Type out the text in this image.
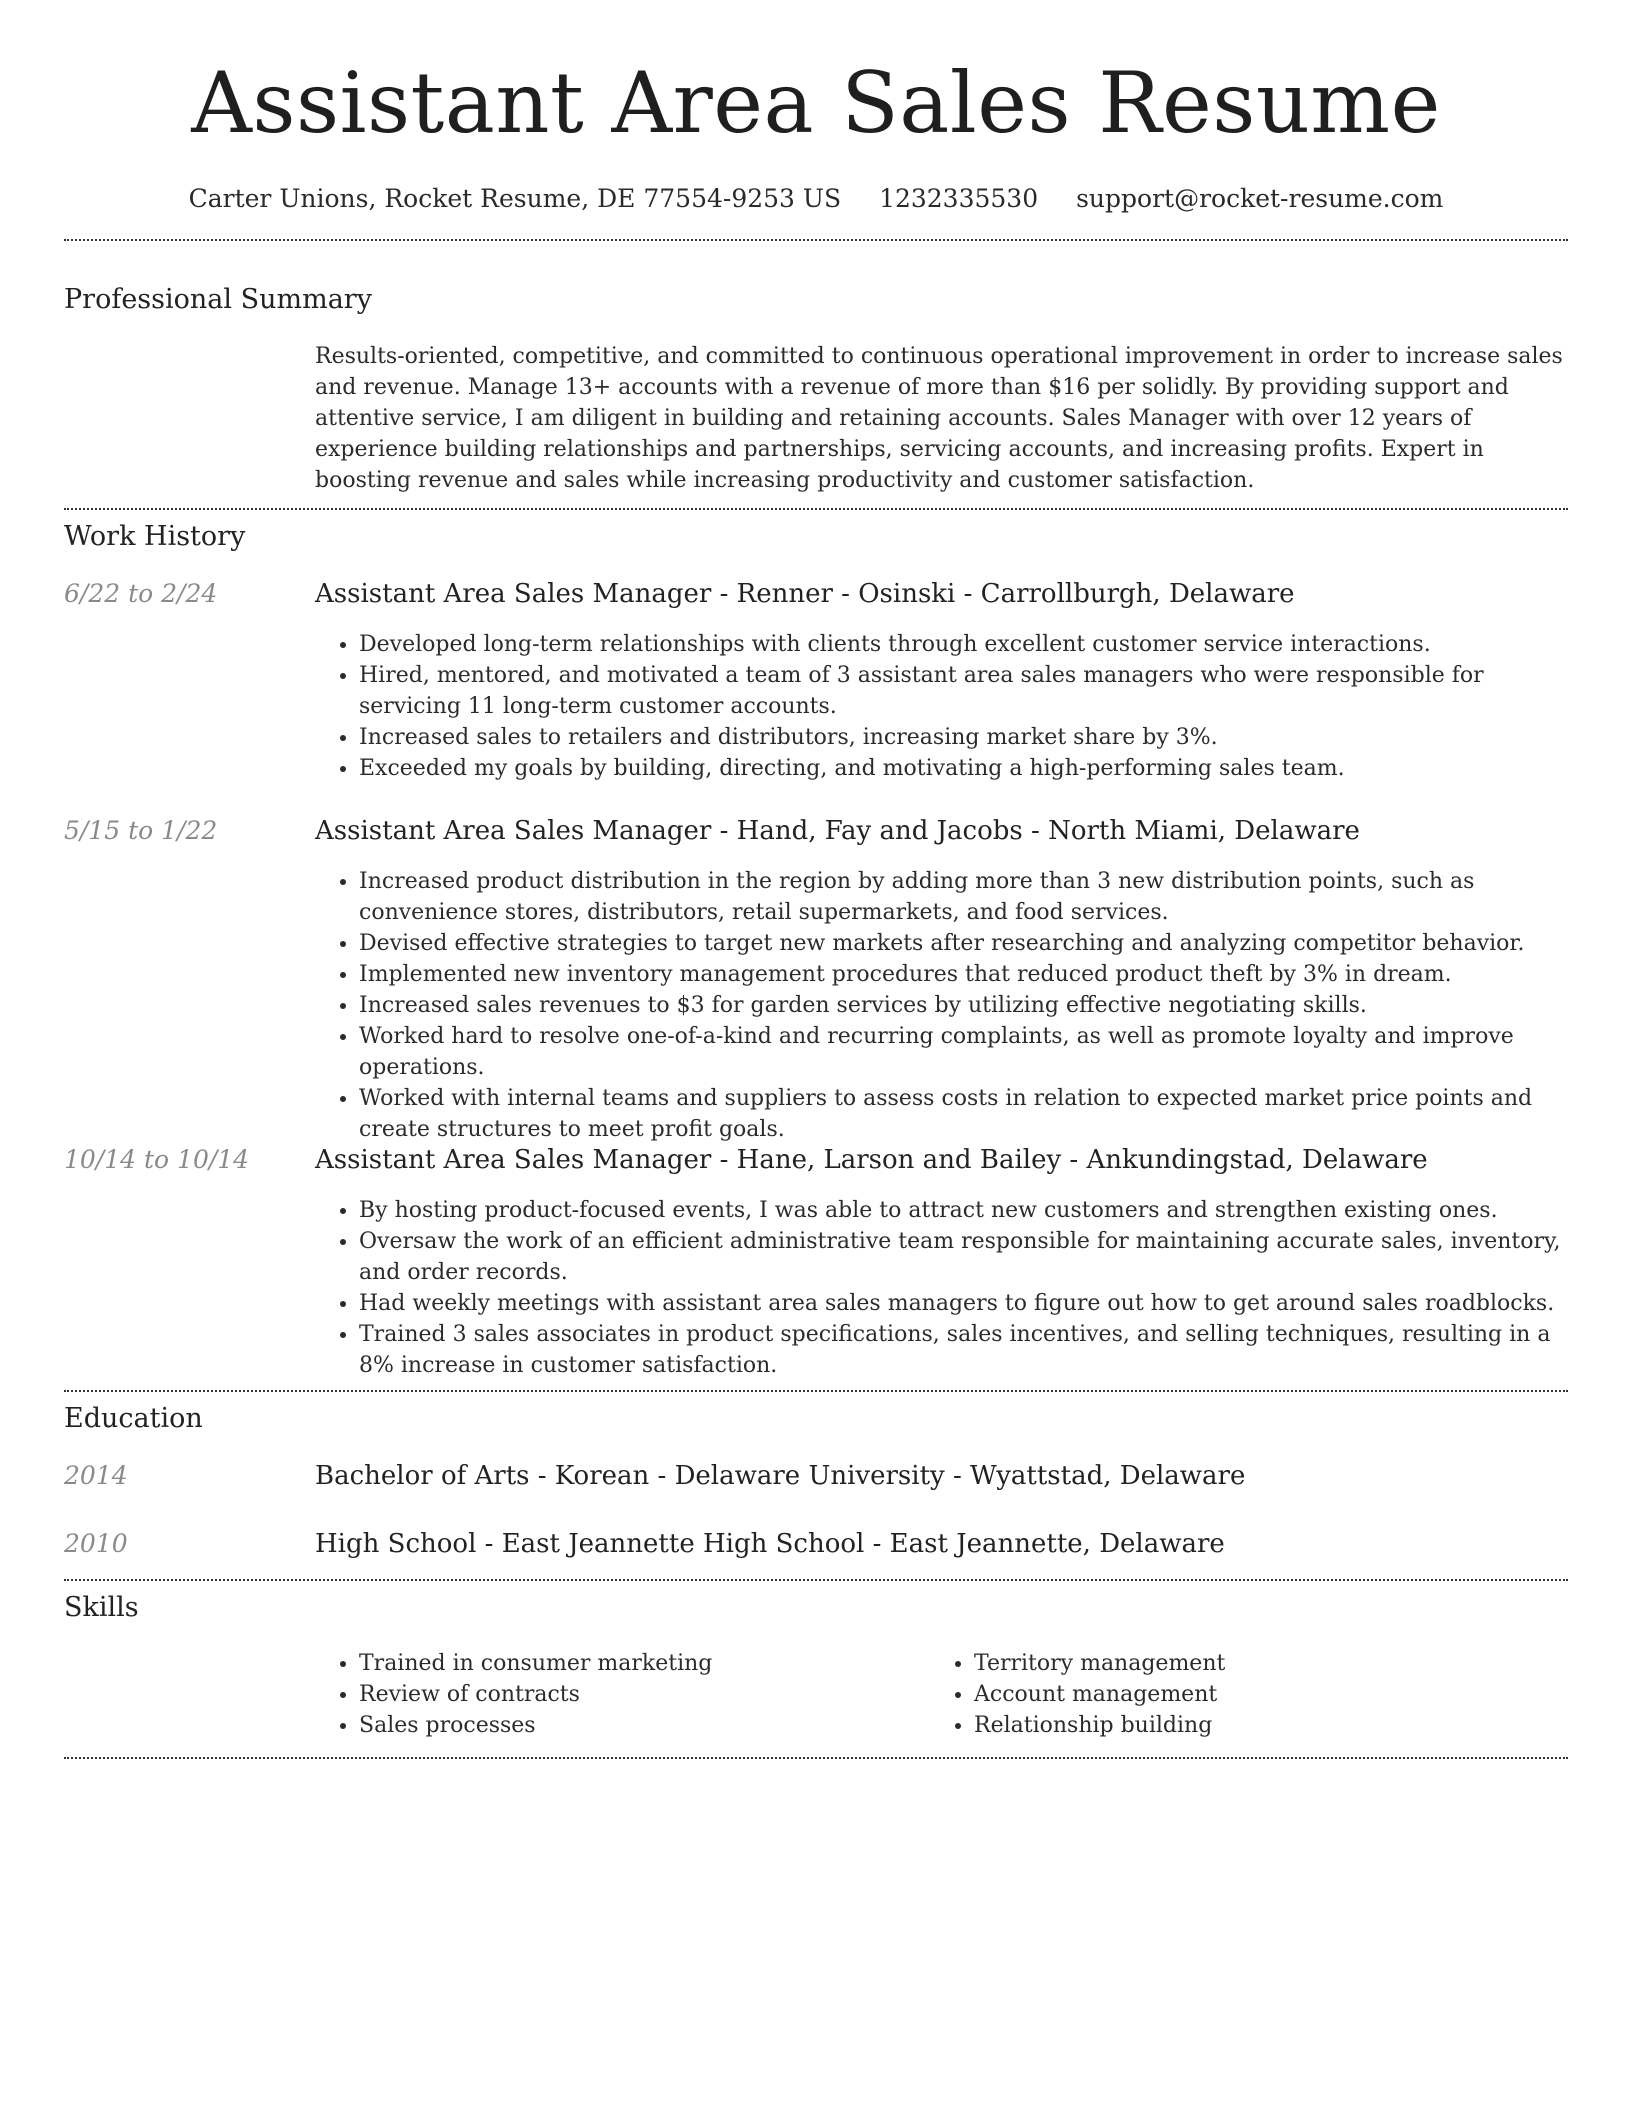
Assistant Area Sales Resume
Carter Unions, Rocket Resume, DE 77554-9253 US 1232335530 support@rocket-resume.com
Professional Summary
Results-oriented, competitive, and committed to continuous operational improvement in order to increase sales and revenue. Manage 13+ accounts with a revenue of more than $16 per solidly. By providing support and attentive service, I am diligent in building and retaining accounts. Sales Manager with over 12 years of experience building relationships and partnerships, servicing accounts, and increasing profits. Expert in boosting revenue and sales while increasing productivity and customer satisfaction.
Work History
6/22 to 2/24	Assistant Area Sales Manager - Renner - Osinski - Carrollburgh, Delaware
• Developed long-term relationships with clients through excellent customer service interactions.
• Hired, mentored, and motivated a team of 3 assistant area sales managers who were responsible for servicing 11 long-term customer accounts.
• Increased sales to retailers and distributors, increasing market share by 3%.
• Exceeded my goals by building, directing, and motivating a high-performing sales team.
5/15 to 1/22	Assistant Area Sales Manager - Hand, Fay and Jacobs - North Miami, Delaware
• Increased product distribution in the region by adding more than 3 new distribution points, such as convenience stores, distributors, retail supermarkets, and food services.
• Devised effective strategies to target new markets after researching and analyzing competitor behavior.
• Implemented new inventory management procedures that reduced product theft by 3% in dream.
• Increased sales revenues to $3 for garden services by utilizing effective negotiating skills.
• Worked hard to resolve one-of-a-kind and recurring complaints, as well as promote loyalty and improve operations.
• Worked with internal teams and suppliers to assess costs in relation to expected market price points and create structures to meet profit goals.
10/14 to 10/14	Assistant Area Sales Manager - Hane, Larson and Bailey - Ankundingstad, Delaware
• By hosting product-focused events, I was able to attract new customers and strengthen existing ones.
• Oversaw the work of an efficient administrative team responsible for maintaining accurate sales, inventory, and order records.
• Had weekly meetings with assistant area sales managers to figure out how to get around sales roadblocks.
• Trained 3 sales associates in product specifications, sales incentives, and selling techniques, resulting in a 8% increase in customer satisfaction.
Education
2014	Bachelor of Arts - Korean - Delaware University - Wyattstad, Delaware
2010	High School - East Jeannette High School - East Jeannette, Delaware
Skills
• Trained in consumer marketing
• Review of contracts
• Sales processes
• Territory management
• Account management
• Relationship building
